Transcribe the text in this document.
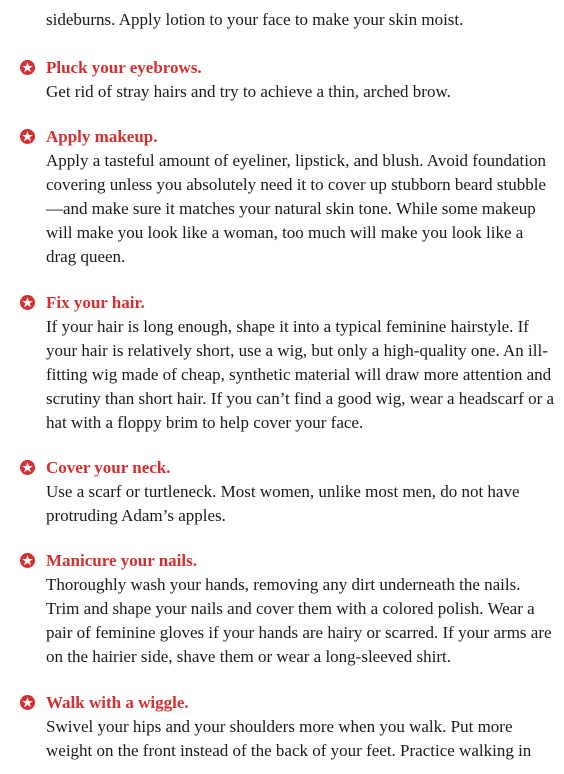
sideburns. Apply lotion to your face to make your skin moist.
Pluck your eyebrows.
Get rid of stray hairs and try to achieve a thin, arched brow.
Apply makeup.
Apply a tasteful amount of eyeliner, lipstick, and blush. Avoid foundation covering unless you absolutely need it to cover up stubborn beard stubble—and make sure it matches your natural skin tone. While some makeup will make you look like a woman, too much will make you look like a drag queen.
Fix your hair.
If your hair is long enough, shape it into a typical feminine hairstyle. If your hair is relatively short, use a wig, but only a high-quality one. An ill-fitting wig made of cheap, synthetic material will draw more attention and scrutiny than short hair. If you can’t find a good wig, wear a headscarf or a hat with a floppy brim to help cover your face.
Cover your neck.
Use a scarf or turtleneck. Most women, unlike most men, do not have protruding Adam’s apples.
Manicure your nails.
Thoroughly wash your hands, removing any dirt underneath the nails. Trim and shape your nails and cover them with a colored polish. Wear a pair of feminine gloves if your hands are hairy or scarred. If your arms are on the hairier side, shave them or wear a long-sleeved shirt.
Walk with a wiggle.
Swivel your hips and your shoulders more when you walk. Put more weight on the front instead of the back of your feet. Practice walking in
